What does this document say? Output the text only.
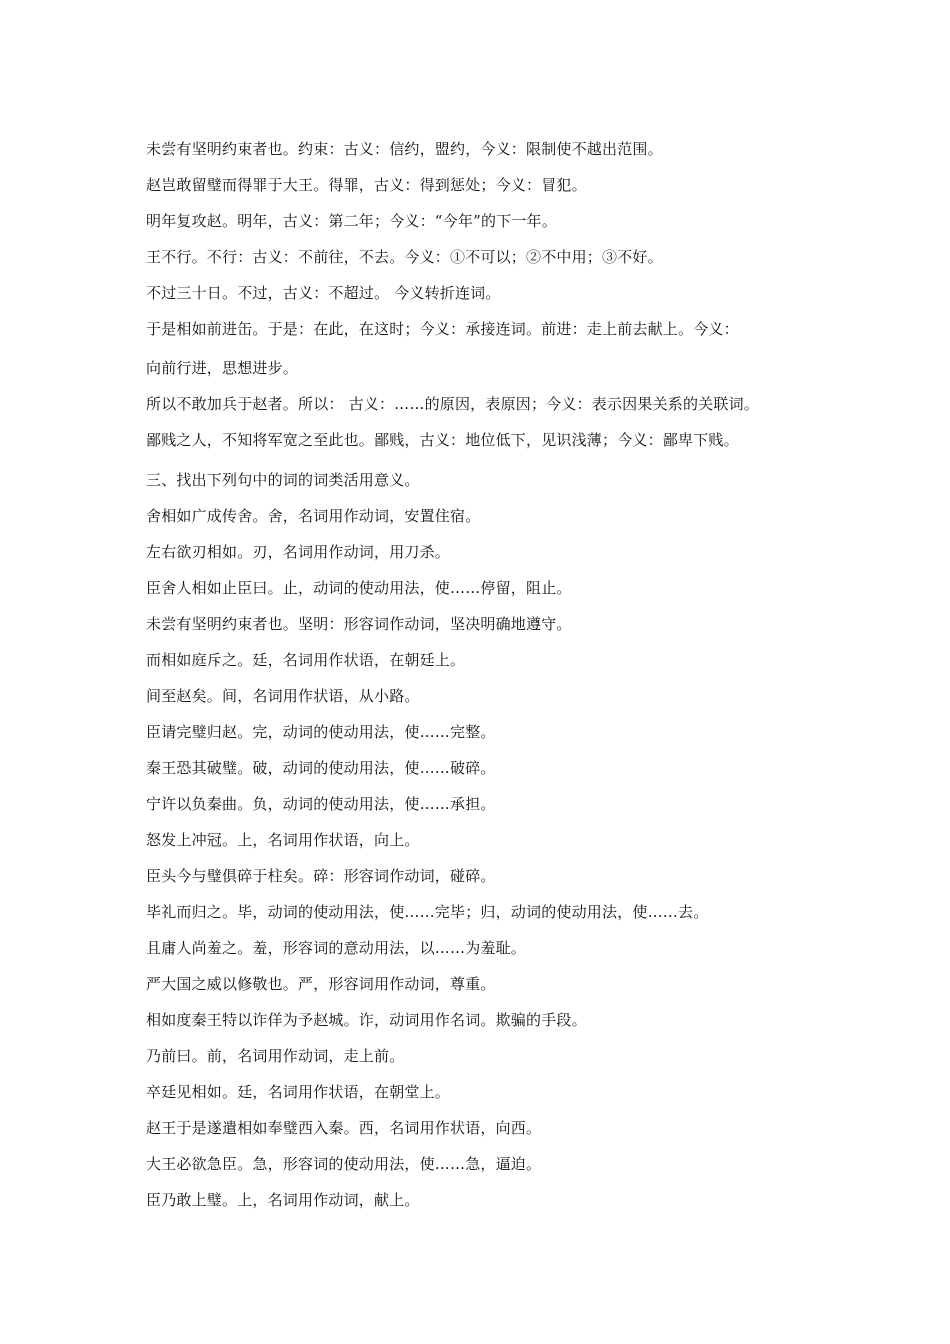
未尝有坚明约束者也。约束：古义：信约，盟约，今义：限制使不越出范围。

赵岂敢留璧而得罪于大王。得罪，古义：得到惩处；今义：冒犯。

明年复攻赵。明年，古义：第二年；今义：“今年”的下一年。

王不行。不行：古义：不前往，不去。今义：①不可以；②不中用；③不好。

不过三十日。不过，古义：不超过。 今义转折连词。

于是相如前进缶。于是：在此，在这时；今义：承接连词。前进：走上前去献上。今义：

向前行进，思想进步。

所以不敢加兵于赵者。所以： 古义：……的原因，表原因；今义：表示因果关系的关联词。

鄙贱之人，不知将军宽之至此也。鄙贱，古义：地位低下，见识浅薄；今义：鄙卑下贱。

三、找出下列句中的词的词类活用意义。

舍相如广成传舍。舍，名词用作动词，安置住宿。

左右欲刃相如。刃，名词用作动词，用刀杀。

臣舍人相如止臣曰。止，动词的使动用法，使……停留，阻止。

未尝有坚明约束者也。坚明：形容词作动词，坚决明确地遵守。

而相如庭斥之。廷，名词用作状语，在朝廷上。

间至赵矣。间，名词用作状语，从小路。

臣请完璧归赵。完，动词的使动用法，使……完整。

秦王恐其破璧。破，动词的使动用法，使……破碎。

宁许以负秦曲。负，动词的使动用法，使……承担。

怒发上冲冠。上，名词用作状语，向上。

臣头今与璧俱碎于柱矣。碎：形容词作动词，碰碎。

毕礼而归之。毕，动词的使动用法，使……完毕；归，动词的使动用法，使……去。

且庸人尚羞之。羞，形容词的意动用法，以……为羞耻。

严大国之威以修敬也。严，形容词用作动词，尊重。

相如度秦王特以诈佯为予赵城。诈，动词用作名词。欺骗的手段。

乃前曰。前，名词用作动词，走上前。

卒廷见相如。廷，名词用作状语，在朝堂上。

赵王于是遂遣相如奉璧西入秦。西，名词用作状语，向西。

大王必欲急臣。急，形容词的使动用法，使……急，逼迫。

臣乃敢上璧。上，名词用作动词，献上。
